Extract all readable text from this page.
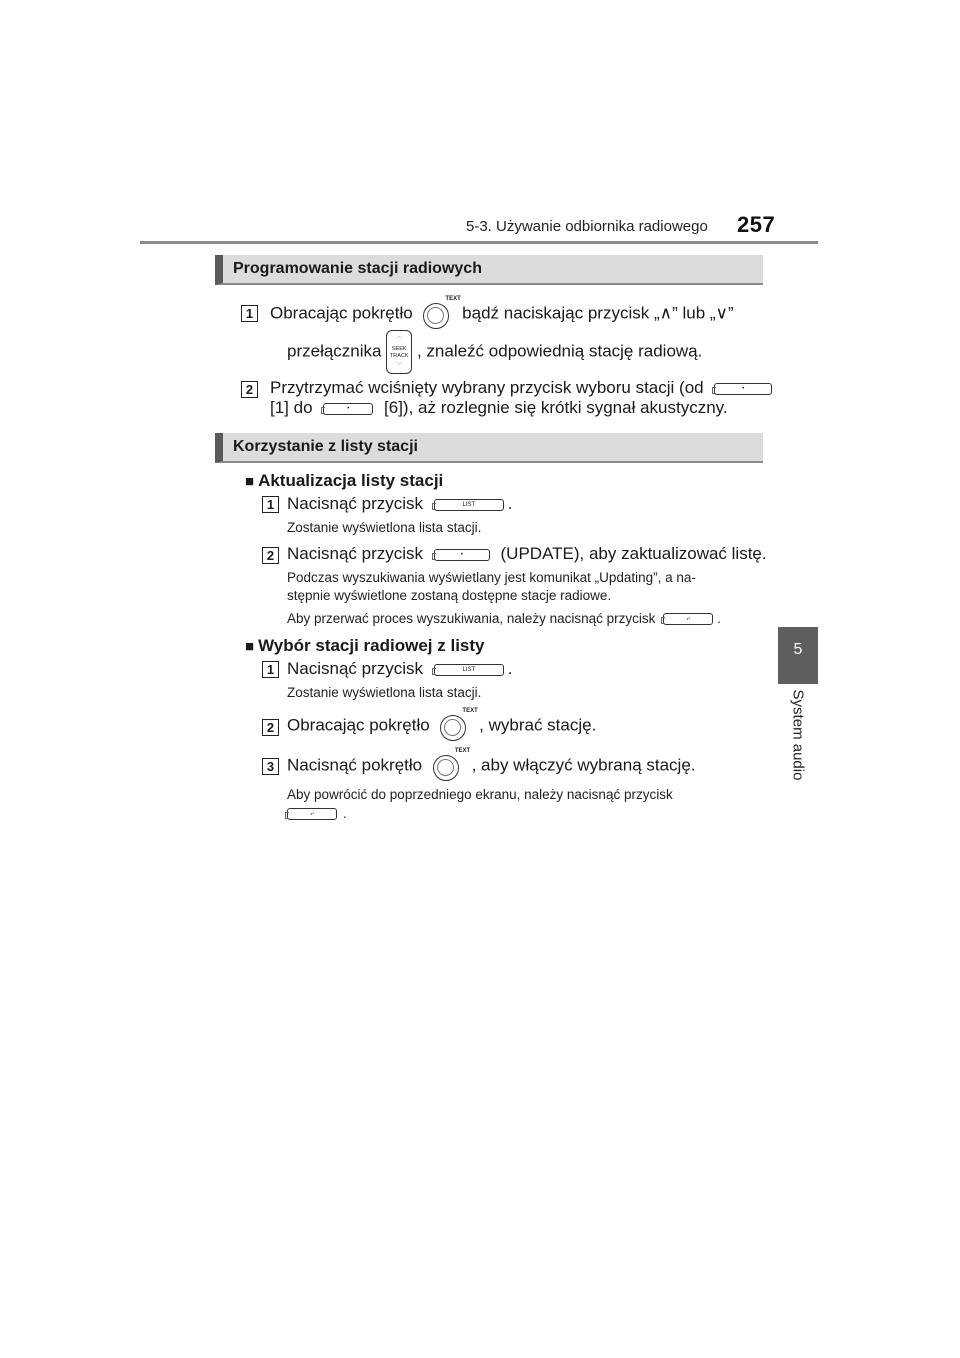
5-3. Używanie odbiornika radiowego 257
5
System audio
Programowanie stacji radiowych
1 Obracając pokrętło
TEXT
bądź naciskając przycisk „∧” lub „∨”
przełącznika
︿
SEEK
TRACK
﹀
, znaleźć odpowiednią stację radiową.
2 Przytrzymać wciśnięty wybrany przycisk wyboru stacji (od	•
[1] do	•	[6]), aż rozlegnie się krótki sygnał akustyczny.
Korzystanie z listy stacji
■ Aktualizacja listy stacji
1 Nacisnąć przycisk	LIST	.
Zostanie wyświetlona lista stacji.
2 Nacisnąć przycisk	•	(UPDATE), aby zaktualizować listę.
Podczas wyszukiwania wyświetlany jest komunikat „Updating”, a na-
stępnie wyświetlone zostaną dostępne stacje radiowe.
Aby przerwać proces wyszukiwania, należy nacisnąć przycisk	⤶	.
■ Wybór stacji radiowej z listy
1 Nacisnąć przycisk	LIST	.
Zostanie wyświetlona lista stacji.
2 Obracając pokrętło
TEXT
, wybrać stację.
3 Nacisnąć pokrętło
TEXT
, aby włączyć wybraną stację.
Aby powrócić do poprzedniego ekranu, należy nacisnąć przycisk
⤶	.
